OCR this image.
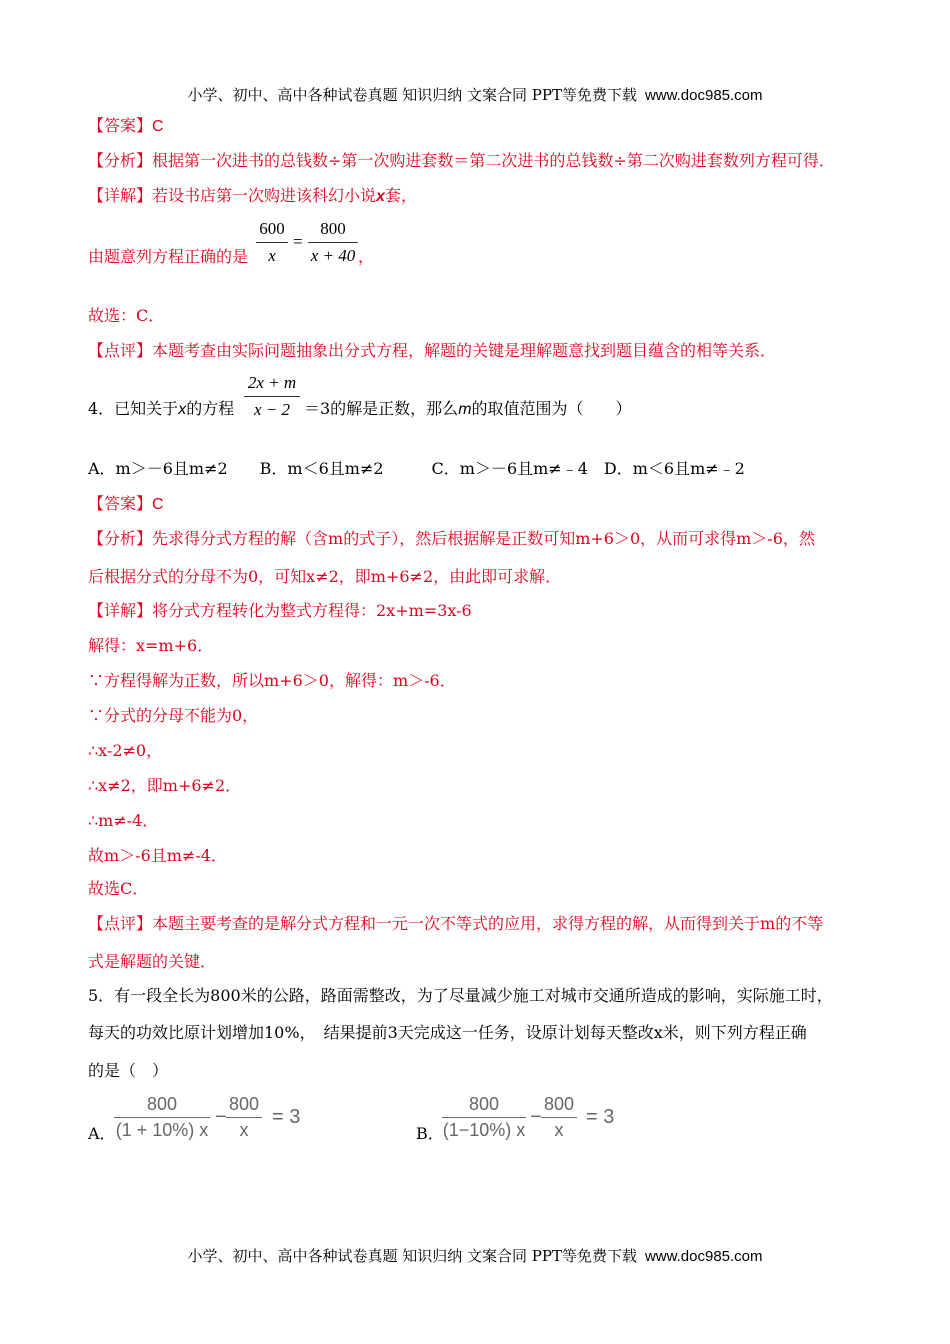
小学、初中、高中各种试卷真题 知识归纳 文案合同 PPT等免费下载 www.doc985.com
【答案】C
【分析】根据第一次进书的总钱数÷第一次购进套数＝第二次进书的总钱数÷第二次购进套数列方程可得．
【详解】若设书店第一次购进该科幻小说x套，
由题意列方程正确的是
600
x
=
800
x + 40 ，
故选：C．
【点评】本题考查由实际问题抽象出分式方程，解题的关键是理解题意找到题目蕴含的相等关系．
4．已知关于x的方程
2x + m
x − 2 ＝3的解是正数，那么m的取值范围为（　　）
A．m＞－6且m≠2　　B．m＜6且m≠2　　　C．m＞－6且m≠﹣4　D．m＜6且m≠﹣2
【答案】C
【分析】先求得分式方程的解（含m的式子），然后根据解是正数可知m+6＞0，从而可求得m＞-6，然
后根据分式的分母不为0，可知x≠2，即m+6≠2，由此即可求解．
【详解】将分式方程转化为整式方程得：2x+m=3x-6
解得：x=m+6．
∵方程得解为正数，所以m+6＞0，解得：m＞-6．
∵分式的分母不能为0，
∴x-2≠0，
∴x≠2，即m+6≠2．
∴m≠-4．
故m＞-6且m≠-4．
故选C．
【点评】本题主要考查的是解分式方程和一元一次不等式的应用，求得方程的解，从而得到关于m的不等
式是解题的关键．
5．有一段全长为800米的公路，路面需整改，为了尽量减少施工对城市交通所造成的影响，实际施工时，
每天的功效比原计划增加10%，　结果提前3天完成这一任务，设原计划每天整改x米，则下列方程正确
的是（　）
A．
800
(1 + 10%) x
−
800
x
= 3
B．
800
(1−10%) x
−
800
x
= 3
小学、初中、高中各种试卷真题 知识归纳 文案合同 PPT等免费下载 www.doc985.com
